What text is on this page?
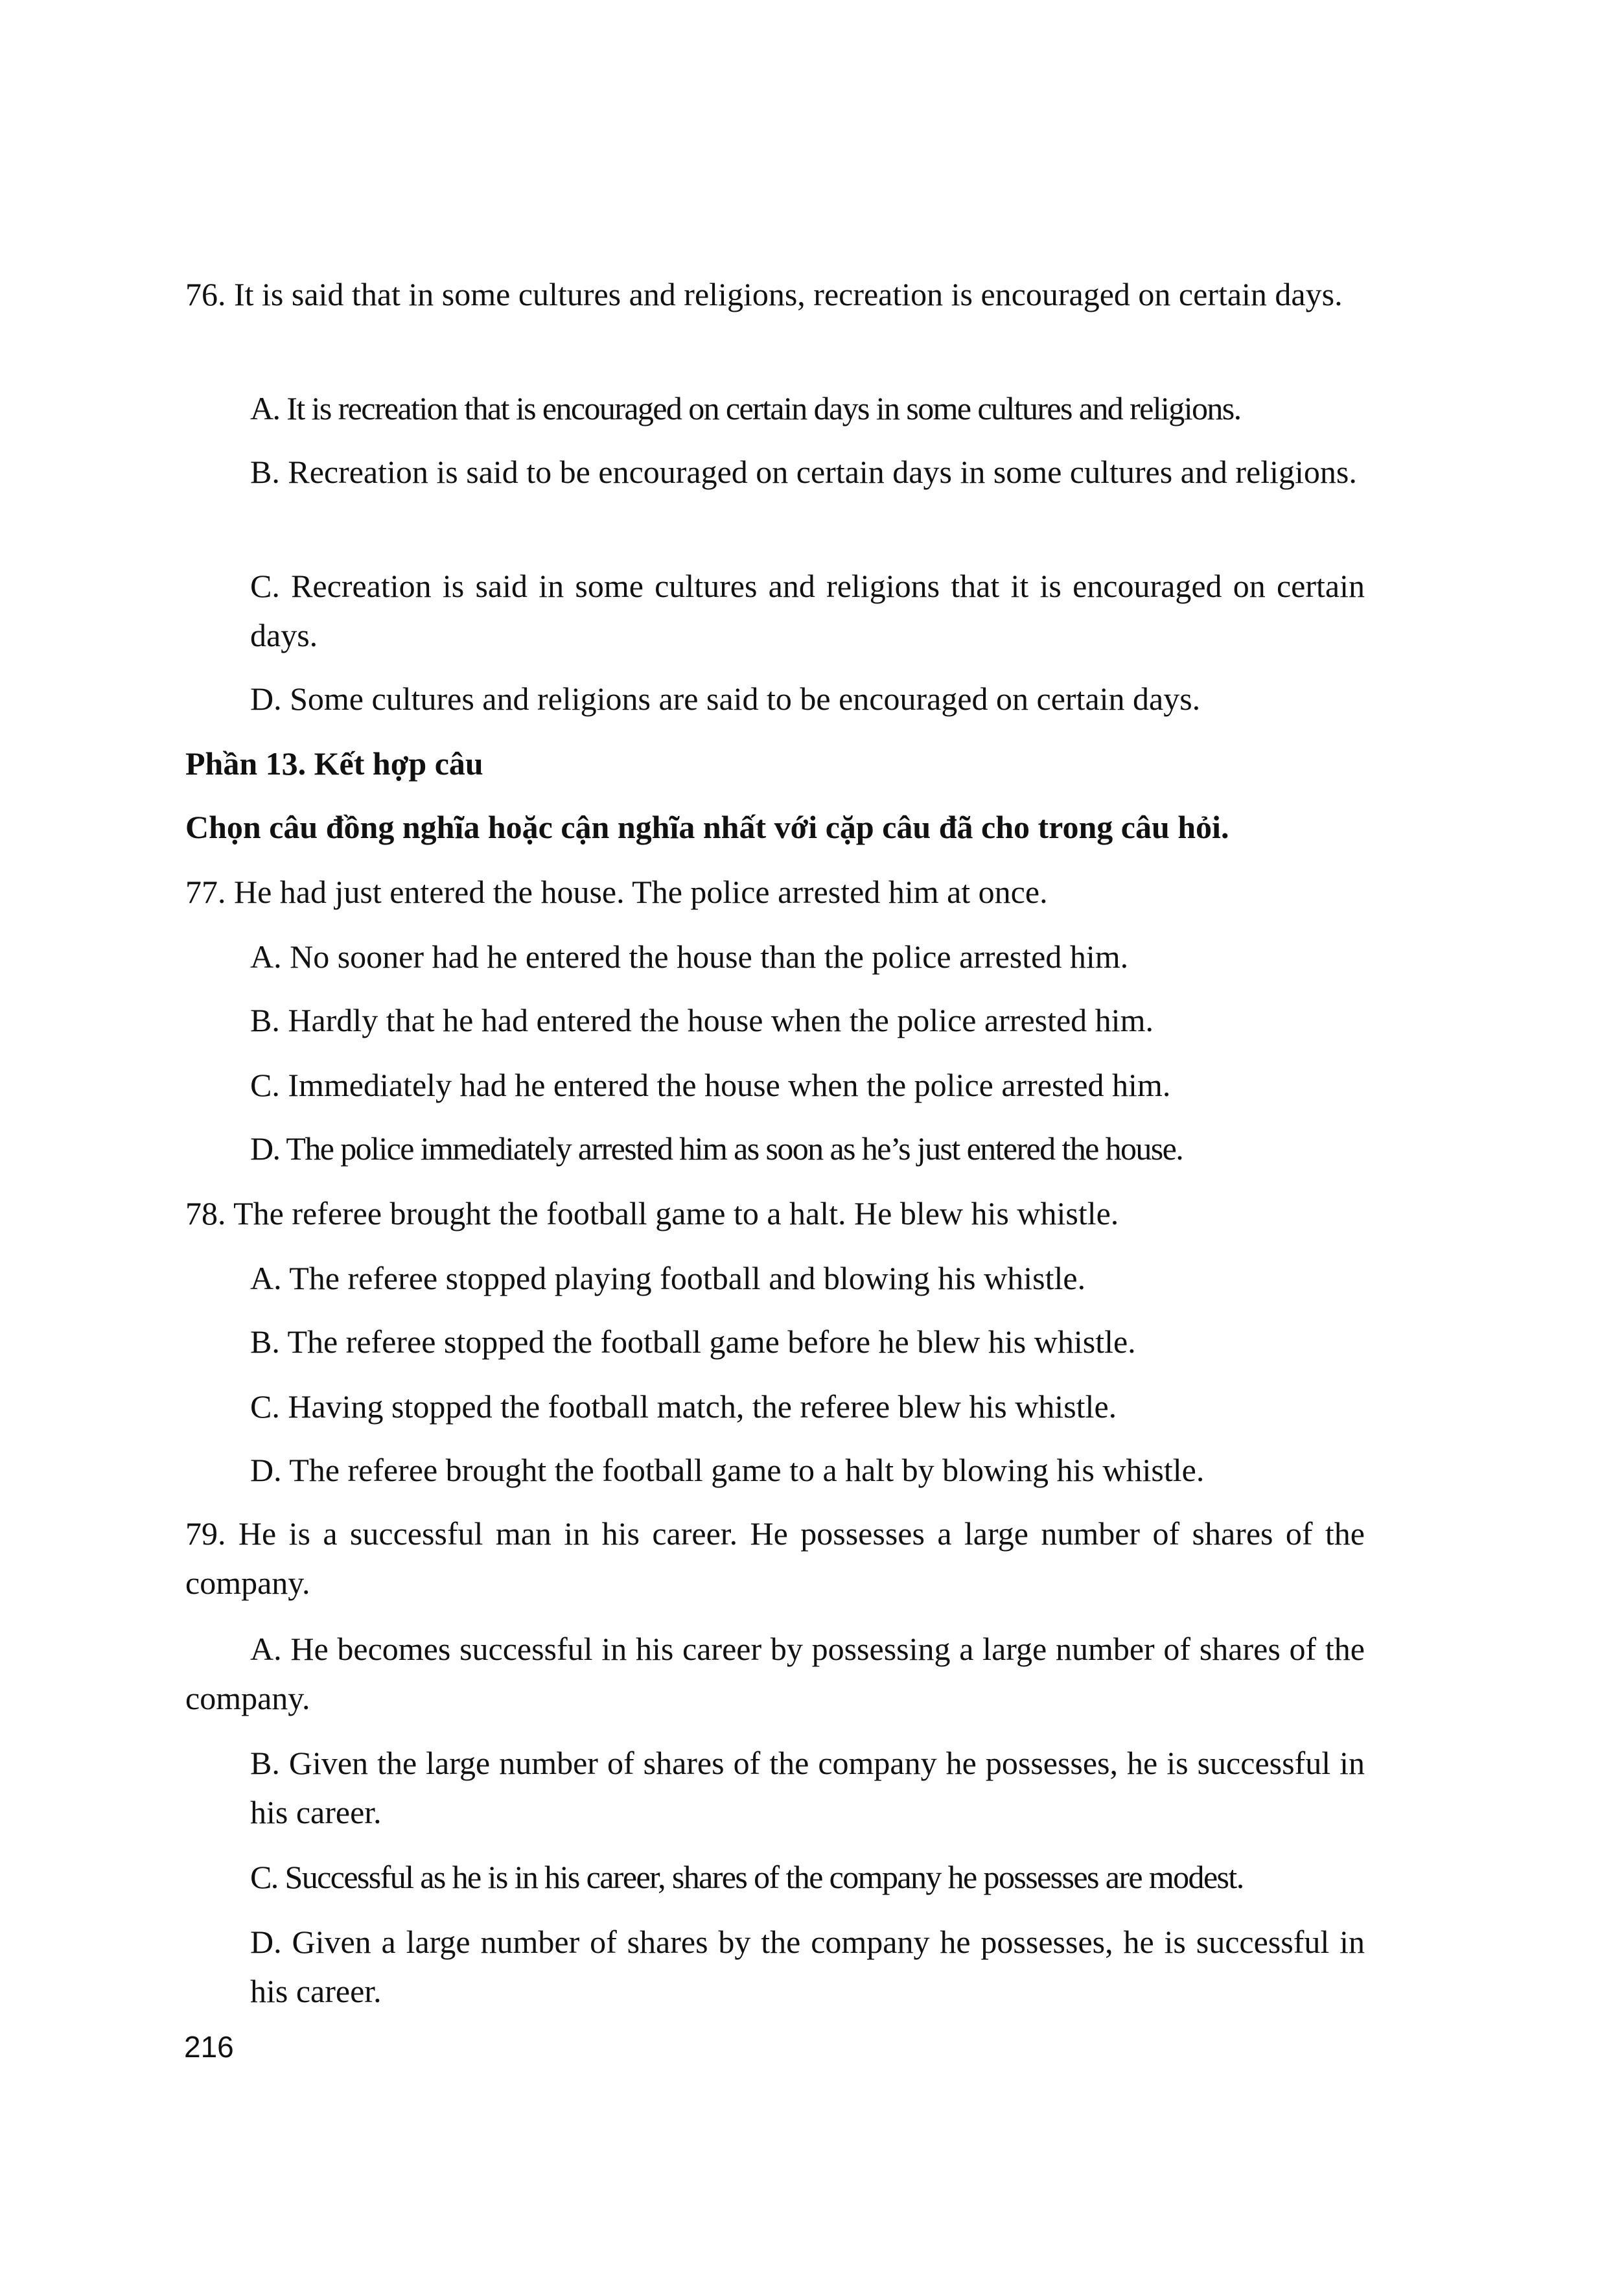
76. It is said that in some cultures and religions, recreation is encouraged on certain days.

A. It is recreation that is encouraged on certain days in some cultures and religions.

B. Recreation is said to be encouraged on certain days in some cultures and religions.

C. Recreation is said in some cultures and religions that it is encouraged on certain days.

D. Some cultures and religions are said to be encouraged on certain days.

Phần 13. Kết hợp câu

Chọn câu đồng nghĩa hoặc cận nghĩa nhất với cặp câu đã cho trong câu hỏi.

77. He had just entered the house. The police arrested him at once.

A. No sooner had he entered the house than the police arrested him.

B. Hardly that he had entered the house when the police arrested him.

C. Immediately had he entered the house when the police arrested him.

D. The police immediately arrested him as soon as he’s just entered the house.

78. The referee brought the football game to a halt. He blew his whistle.

A. The referee stopped playing football and blowing his whistle.

B. The referee stopped the football game before he blew his whistle.

C. Having stopped the football match, the referee blew his whistle.

D. The referee brought the football game to a halt by blowing his whistle.

79. He is a successful man in his career. He possesses a large number of shares of the company.

A. He becomes successful in his career by possessing a large number of shares of the company.

B. Given the large number of shares of the company he possesses, he is successful in his career.

C. Successful as he is in his career, shares of the company he possesses are modest.

D. Given a large number of shares by the company he possesses, he is successful in his career.

216
